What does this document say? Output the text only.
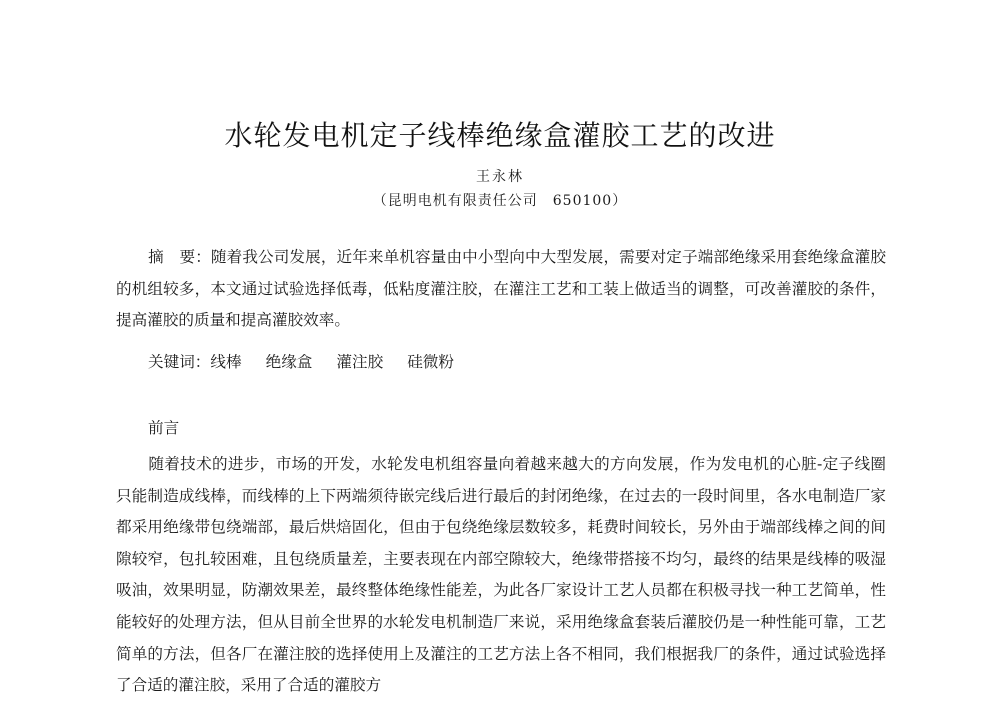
水轮发电机定子线棒绝缘盒灌胶工艺的改进
王永林
（昆明电机有限责任公司　650100）
摘　要：随着我公司发展，近年来单机容量由中小型向中大型发展，需要对定子端部绝缘采用套绝缘盒灌胶的机组较多，本文通过试验选择低毒，低粘度灌注胶，在灌注工艺和工装上做适当的调整，可改善灌胶的条件，提高灌胶的质量和提高灌胶效率。
关键词：线棒 绝缘盒 灌注胶 硅微粉
前言
随着技术的进步，市场的开发，水轮发电机组容量向着越来越大的方向发展，作为发电机的心脏-定子线圈只能制造成线棒，而线棒的上下两端须待嵌完线后进行最后的封闭绝缘，在过去的一段时间里，各水电制造厂家都采用绝缘带包绕端部，最后烘焙固化，但由于包绕绝缘层数较多，耗费时间较长，另外由于端部线棒之间的间隙较窄，包扎较困难，且包绕质量差，主要表现在内部空隙较大，绝缘带搭接不均匀，最终的结果是线棒的吸湿吸油，效果明显，防潮效果差，最终整体绝缘性能差，为此各厂家设计工艺人员都在积极寻找一种工艺简单，性能较好的处理方法，但从目前全世界的水轮发电机制造厂来说，采用绝缘盒套装后灌胶仍是一种性能可靠，工艺简单的方法，但各厂在灌注胶的选择使用上及灌注的工艺方法上各不相同，我们根据我厂的条件，通过试验选择了合适的灌注胶，采用了合适的灌胶方
